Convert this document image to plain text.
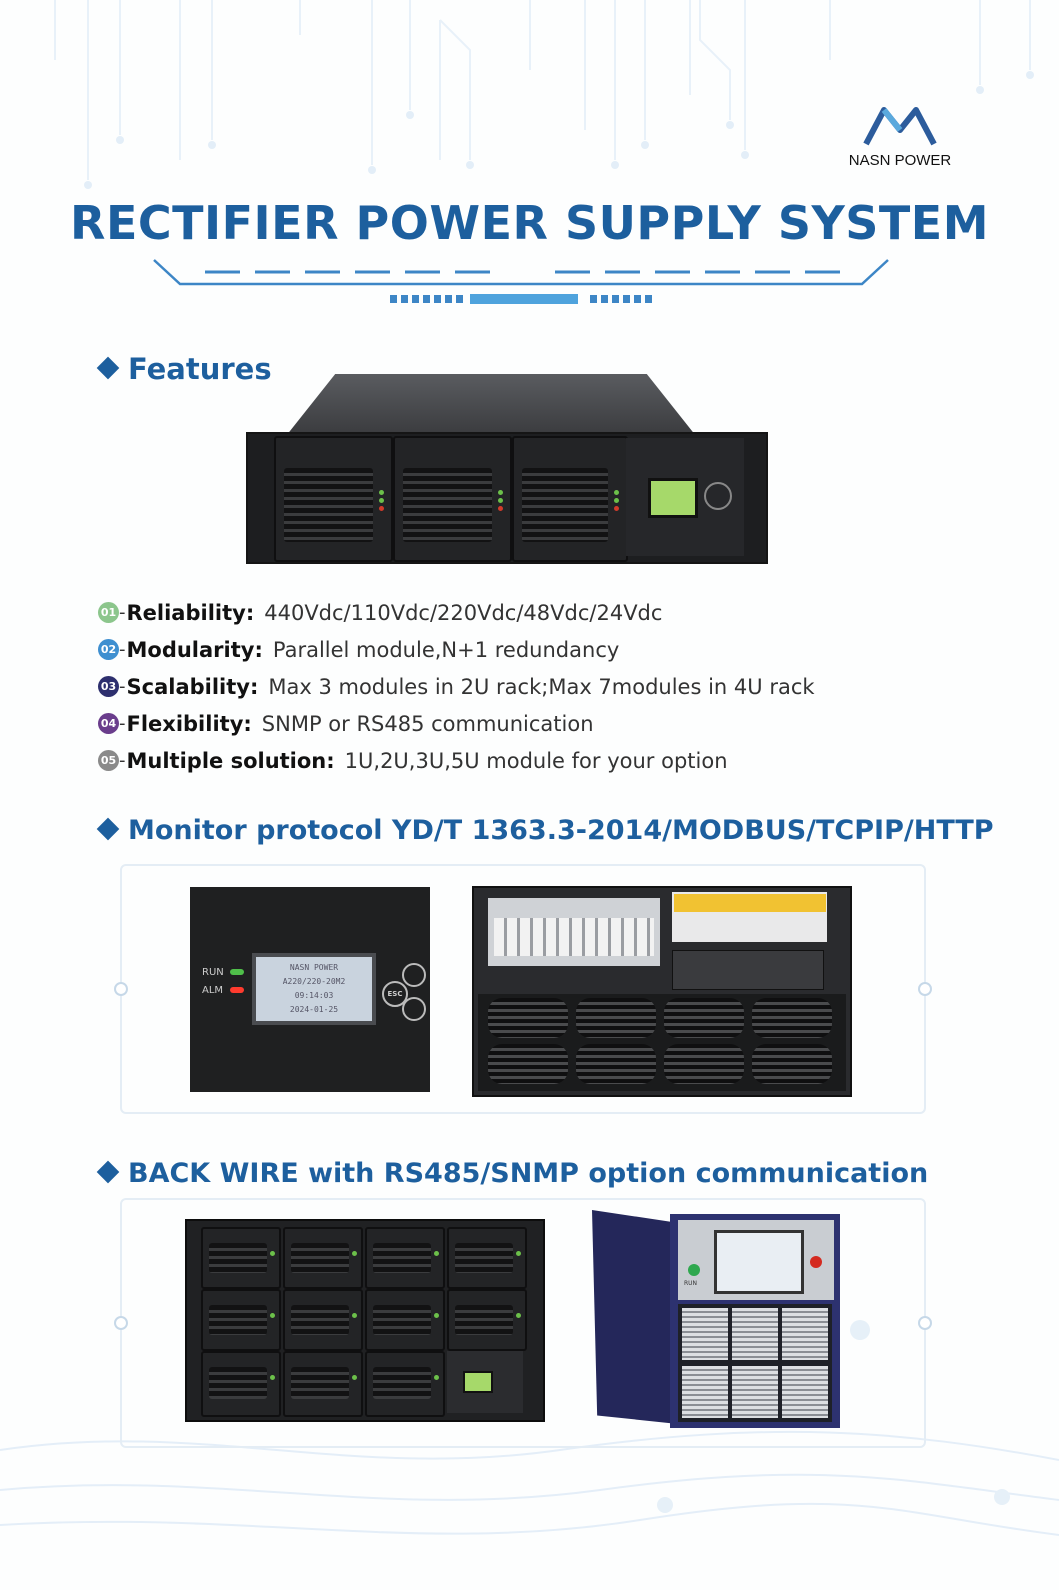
NASN POWER
RECTIFIER POWER SUPPLY SYSTEM
Features
01 - Reliability: 440Vdc/110Vdc/220Vdc/48Vdc/24Vdc
02 - Modularity: Parallel module,N+1 redundancy
03 - Scalability: Max 3 modules in 2U rack;Max 7modules in 4U rack
04 - Flexibility: SNMP or RS485 communication
05 - Multiple solution: 1U,2U,3U,5U module for your option
Monitor protocol YD/T 1363.3-2014/MODBUS/TCPIP/HTTP
RUN
ALM
NASN POWER
A220/220-20M2
09:14:03
2024-01-25
ESC
BACK WIRE with RS485/SNMP option communication
RUN
